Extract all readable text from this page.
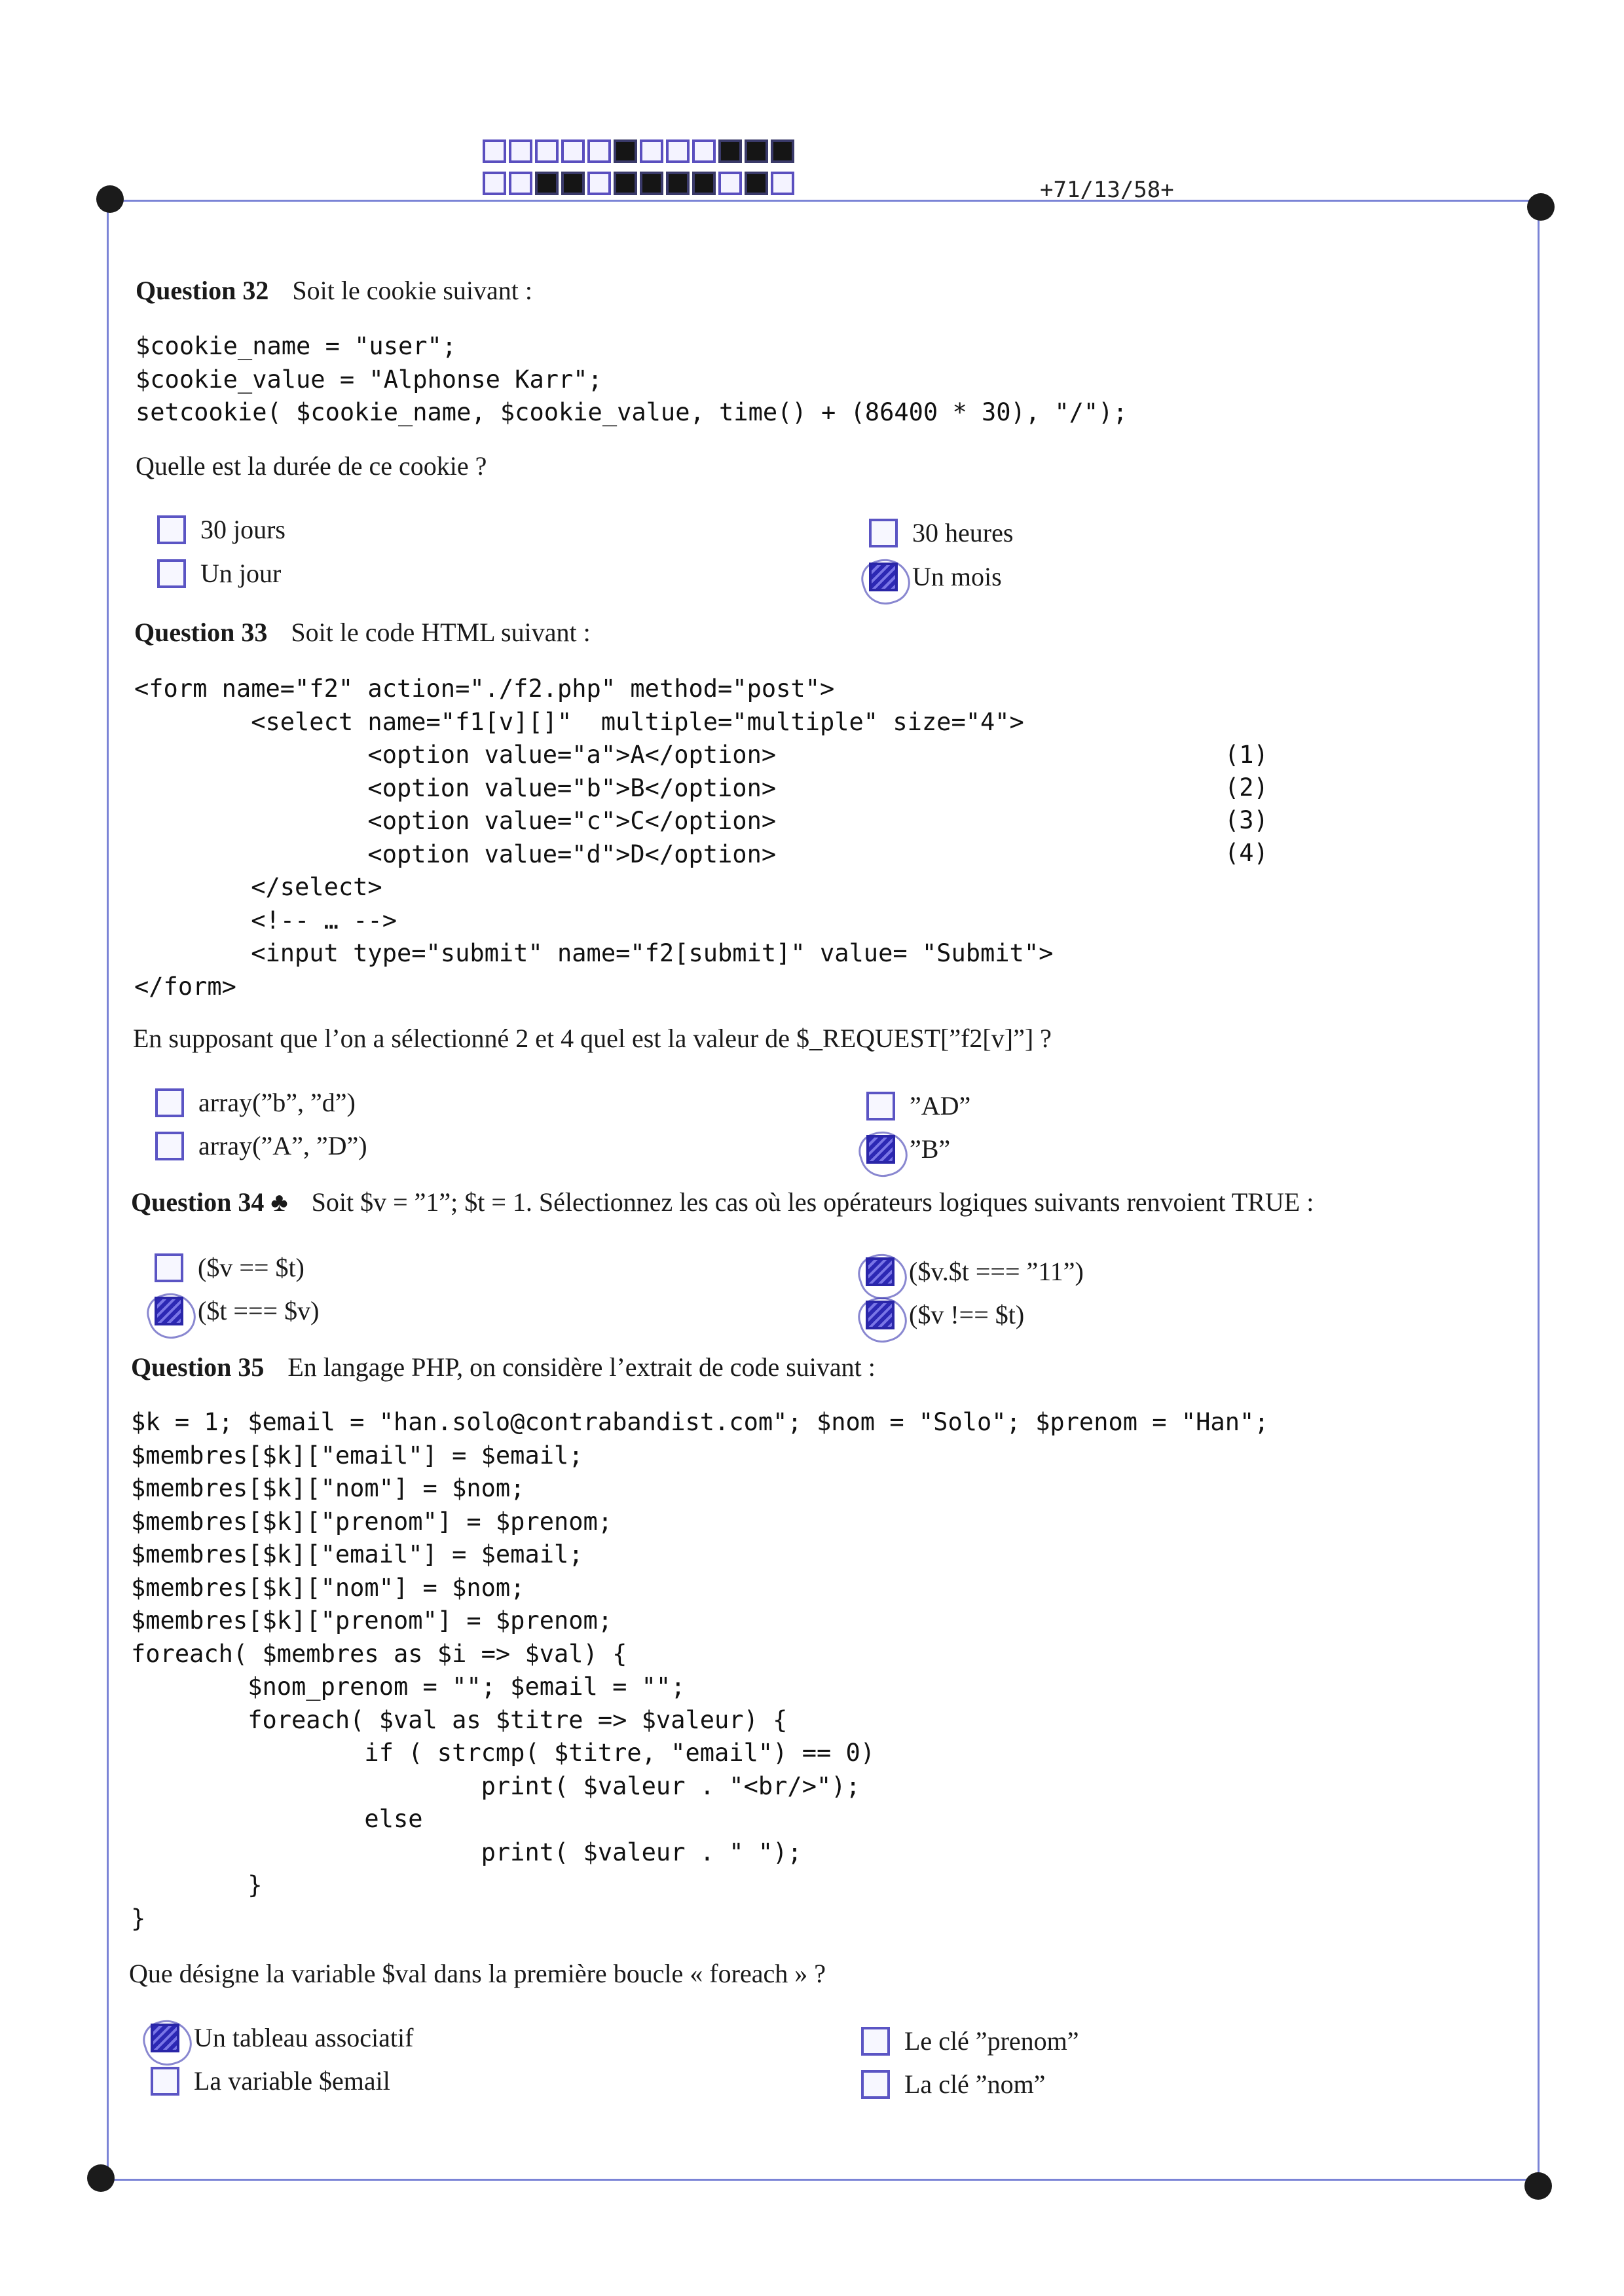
+71/13/58+
Question 32 Soit le cookie suivant :
$cookie_name = "user";
$cookie_value = "Alphonse Karr";
setcookie( $cookie_name, $cookie_value, time() + (86400 * 30), "/");
Quelle est la durée de ce cookie ?
30 jours
Un jour
30 heures
Un mois
Question 33 Soit le code HTML suivant :
<form name="f2" action="./f2.php" method="post">
<select name="f1[v][]"  multiple="multiple" size="4">
<option value="a">A</option>
<option value="b">B</option>
<option value="c">C</option>
<option value="d">D</option>
</select>
<!-- … -->
<input type="submit" name="f2[submit]" value= "Submit">
</form>
(1)
(2)
(3)
(4)
En supposant que l’on a sélectionné 2 et 4 quel est la valeur de $_REQUEST[”f2[v]”] ?
array(”b”, ”d”)
array(”A”, ”D”)
”AD”
”B”
Question 34 ♣ Soit $v = ”1”; $t = 1. Sélectionnez les cas où les opérateurs logiques suivants renvoient TRUE :
($v == $t)
($t === $v)
($v.$t === ”11”)
($v !== $t)
Question 35 En langage PHP, on considère l’extrait de code suivant :
$k = 1; $email = "han.solo@contrabandist.com"; $nom = "Solo"; $prenom = "Han";
$membres[$k]["email"] = $email;
$membres[$k]["nom"] = $nom;
$membres[$k]["prenom"] = $prenom;
$membres[$k]["email"] = $email;
$membres[$k]["nom"] = $nom;
$membres[$k]["prenom"] = $prenom;
foreach( $membres as $i => $val) {
$nom_prenom = ""; $email = "";
foreach( $val as $titre => $valeur) {
if ( strcmp( $titre, "email") == 0)
print( $valeur . "<br/>");
else
print( $valeur . " ");
}
}
Que désigne la variable $val dans la première boucle « foreach » ?
Un tableau associatif
La variable $email
Le clé ”prenom”
La clé ”nom”
